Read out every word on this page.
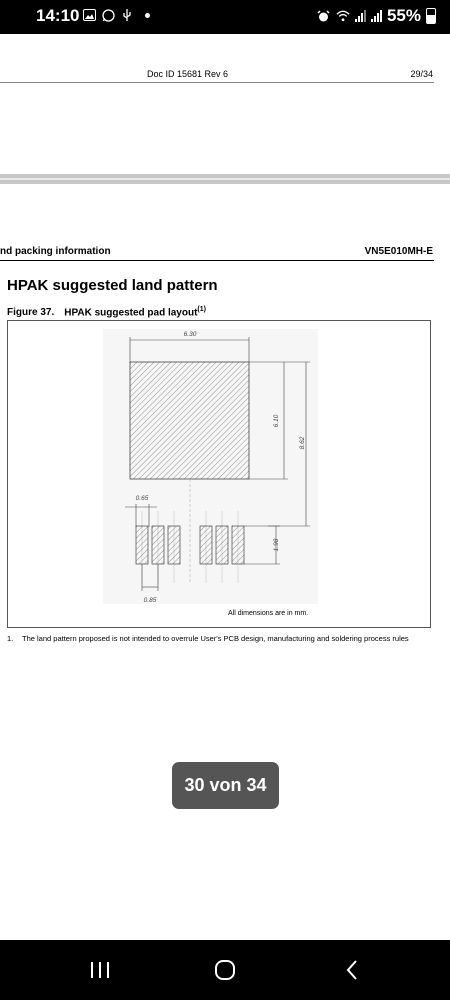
14:10	55%
Doc ID 15681 Rev 6	29/34
nd packing information	VN5E010MH-E
HPAK suggested land pattern
Figure 37. HPAK suggested pad layout$^{(1)}$
6.30
6.10
8.62
0.65
1.98
0.85
All dimensions are in mm.
1.	The land pattern proposed is not intended to overrule User's PCB design, manufacturing and soldering process rules
30 von 34
